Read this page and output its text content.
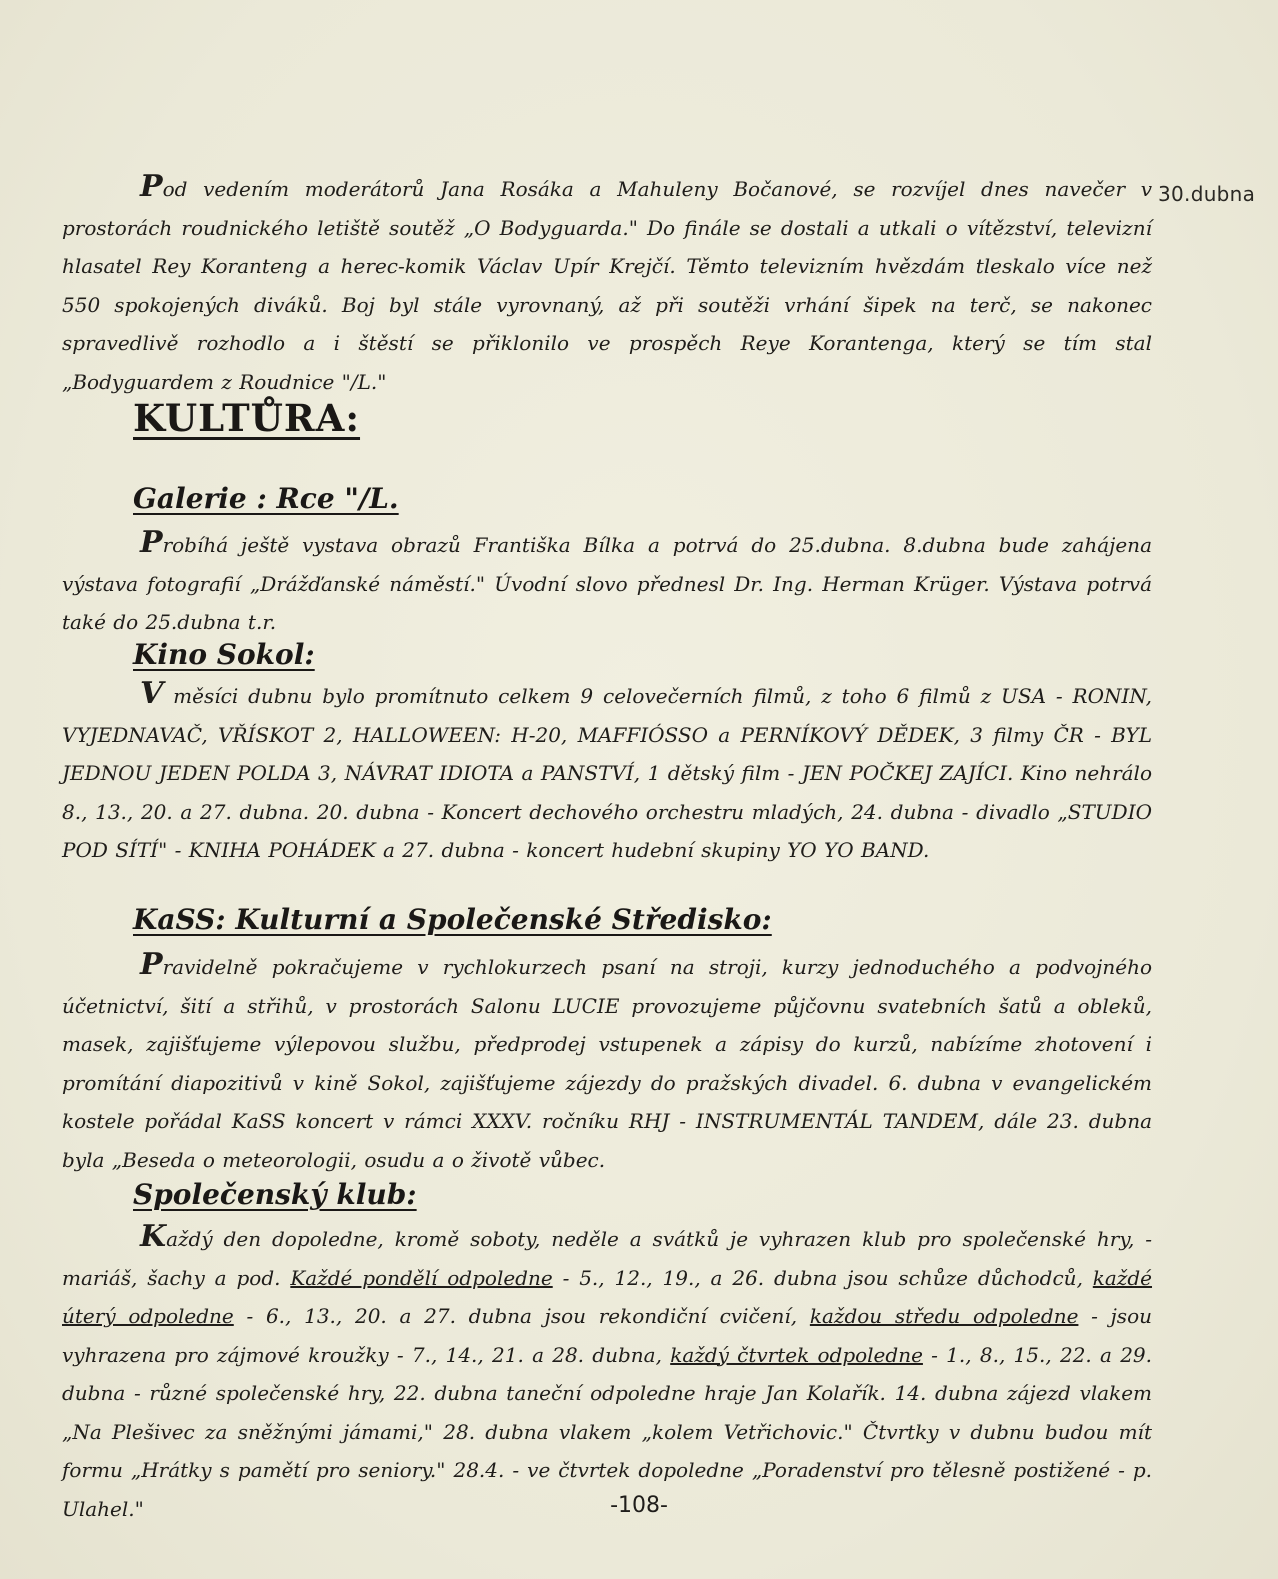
30.dubna

Pod vedením moderátorů Jana Rosáka a Mahuleny Bočanové, se rozvíjel dnes navečer v prostorách roudnického letiště soutěž „O Bodyguarda." Do finále se dostali a utkali o vítězství, televizní hlasatel Rey Koranteng a herec-komik Václav Upír Krejčí. Těmto televizním hvězdám tleskalo více než 550 spokojených diváků. Boj byl stále vyrovnaný, až při soutěži vrhání šipek na terč, se nakonec spravedlivě rozhodlo a i štěstí se přiklonilo ve prospěch Reye Korantenga, který se tím stal „Bodyguardem z Roudnice "/L."

KULTŮRA:
Galerie : Rce "/L.

Probíhá ještě vystava obrazů Františka Bílka a potrvá do 25.dubna. 8.dubna bude zahájena výstava fotografií „Drážďanské náměstí." Úvodní slovo přednesl Dr. Ing. Herman Krüger. Výstava potrvá také do 25.dubna t.r.

Kino Sokol:

V měsíci dubnu bylo promítnuto celkem 9 celovečerních filmů, z toho 6 filmů z USA - RONIN, VYJEDNAVAČ, VŘÍSKOT 2, HALLOWEEN: H-20, MAFFIÓSSO a PERNÍKOVÝ DĚDEK, 3 filmy ČR - BYL JEDNOU JEDEN POLDA 3, NÁVRAT IDIOTA a PANSTVÍ, 1 dětský film - JEN POČKEJ ZAJÍCI. Kino nehrálo 8., 13., 20. a 27. dubna. 20. dubna - Koncert dechového orchestru mladých, 24. dubna - divadlo „STUDIO POD SÍTÍ" - KNIHA POHÁDEK a 27. dubna - koncert hudební skupiny YO YO BAND.

KaSS: Kulturní a Společenské Středisko:

Pravidelně pokračujeme v rychlokurzech psaní na stroji, kurzy jednoduchého a podvojného účetnictví, šití a střihů, v prostorách Salonu LUCIE provozujeme půjčovnu svatebních šatů a obleků, masek, zajišťujeme výlepovou službu, předprodej vstupenek a zápisy do kurzů, nabízíme zhotovení i promítání diapozitivů v kině Sokol, zajišťujeme zájezdy do pražských divadel. 6. dubna v evangelickém kostele pořádal KaSS koncert v rámci XXXV. ročníku RHJ - INSTRUMENTÁL TANDEM, dále 23. dubna byla „Beseda o meteorologii, osudu a o životě vůbec.

Společenský klub:

Každý den dopoledne, kromě soboty, neděle a svátků je vyhrazen klub pro společenské hry, - mariáš, šachy a pod. Každé pondělí odpoledne - 5., 12., 19., a 26. dubna jsou schůze důchodců, každé úterý odpoledne - 6., 13., 20. a 27. dubna jsou rekondiční cvičení, každou středu odpoledne - jsou vyhrazena pro zájmové kroužky - 7., 14., 21. a 28. dubna, každý čtvrtek odpoledne - 1., 8., 15., 22. a 29. dubna - různé společenské hry, 22. dubna taneční odpoledne hraje Jan Kolařík. 14. dubna zájezd vlakem „Na Plešivec za sněžnými jámami," 28. dubna vlakem „kolem Vetřichovic." Čtvrtky v dubnu budou mít formu „Hrátky s pamětí pro seniory." 28.4. - ve čtvrtek dopoledne „Poradenství pro tělesně postižené - p. Ulahel."	-108-
